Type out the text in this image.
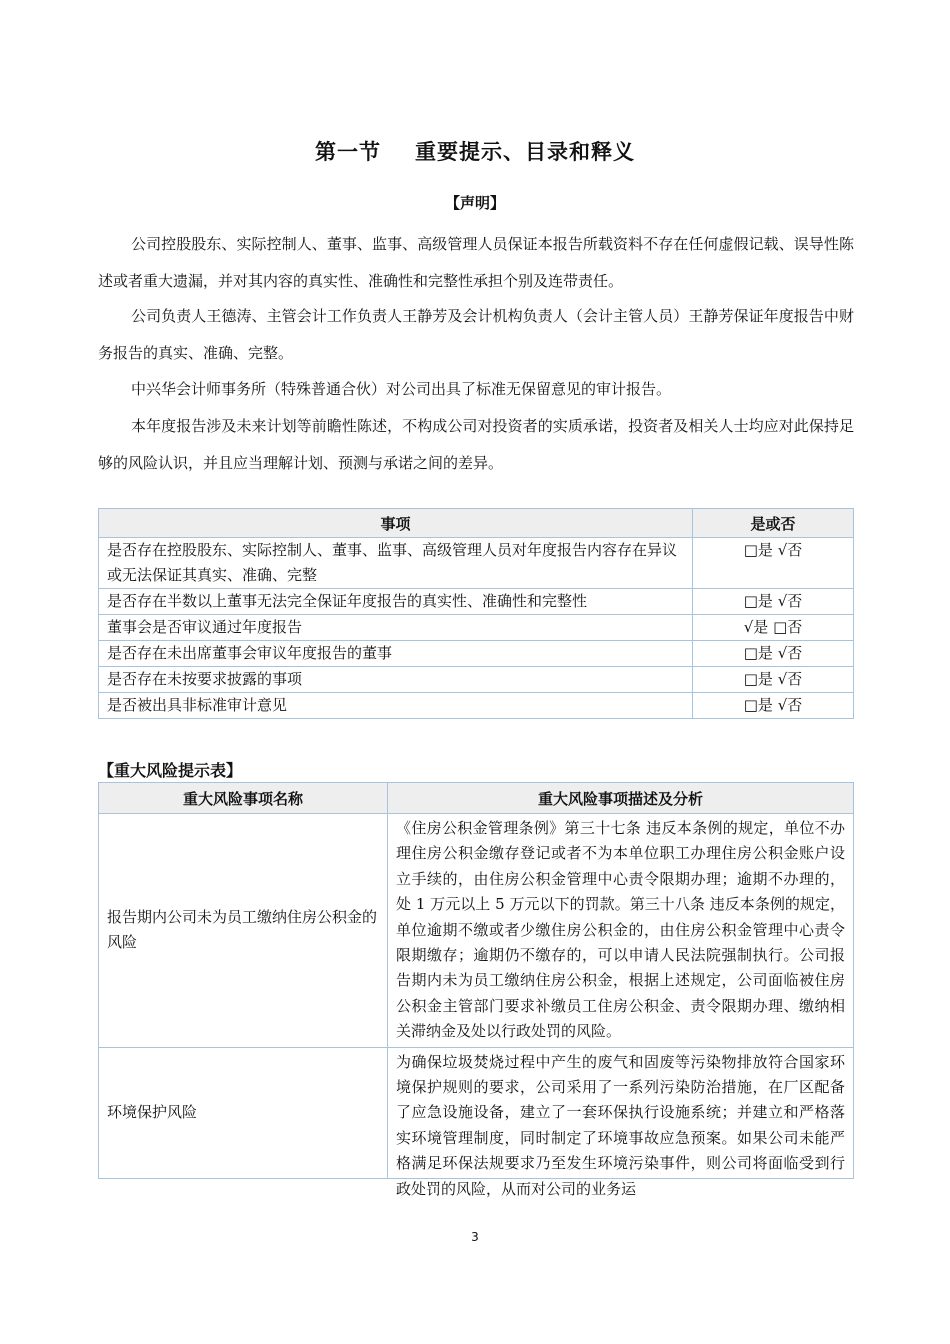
第一节 重要提示、目录和释义
【声明】

公司控股股东、实际控制人、董事、监事、高级管理人员保证本报告所载资料不存在任何虚假记载、误导性陈述或者重大遗漏，并对其内容的真实性、准确性和完整性承担个别及连带责任。

公司负责人王德涛、主管会计工作负责人王静芳及会计机构负责人（会计主管人员）王静芳保证年度报告中财务报告的真实、准确、完整。

中兴华会计师事务所（特殊普通合伙）对公司出具了标准无保留意见的审计报告。

本年度报告涉及未来计划等前瞻性陈述，不构成公司对投资者的实质承诺，投资者及相关人士均应对此保持足够的风险认识，并且应当理解计划、预测与承诺之间的差异。

事项	是或否
是否存在控股股东、实际控制人、董事、监事、高级管理人员对年度报告内容存在异议或无法保证其真实、准确、完整	□是 √否
是否存在半数以上董事无法完全保证年度报告的真实性、准确性和完整性	□是 √否
董事会是否审议通过年度报告	√是 □否
是否存在未出席董事会审议年度报告的董事	□是 √否
是否存在未按要求披露的事项	□是 √否
是否被出具非标准审计意见	□是 √否
【重大风险提示表】
重大风险事项名称	重大风险事项描述及分析
报告期内公司未为员工缴纳住房公积金的风险	《住房公积金管理条例》第三十七条 违反本条例的规定，单位不办理住房公积金缴存登记或者不为本单位职工办理住房公积金账户设立手续的，由住房公积金管理中心责令限期办理；逾期不办理的，处 1 万元以上 5 万元以下的罚款。第三十八条 违反本条例的规定，单位逾期不缴或者少缴住房公积金的，由住房公积金管理中心责令限期缴存；逾期仍不缴存的，可以申请人民法院强制执行。公司报告期内未为员工缴纳住房公积金，根据上述规定，公司面临被住房公积金主管部门要求补缴员工住房公积金、责令限期办理、缴纳相关滞纳金及处以行政处罚的风险。
环境保护风险	为确保垃圾焚烧过程中产生的废气和固废等污染物排放符合国家环境保护规则的要求，公司采用了一系列污染防治措施，在厂区配备了应急设施设备，建立了一套环保执行设施系统；并建立和严格落实环境管理制度，同时制定了环境事故应急预案。如果公司未能严格满足环保法规要求乃至发生环境污染事件，则公司将面临受到行政处罚的风险，从而对公司的业务运
3
